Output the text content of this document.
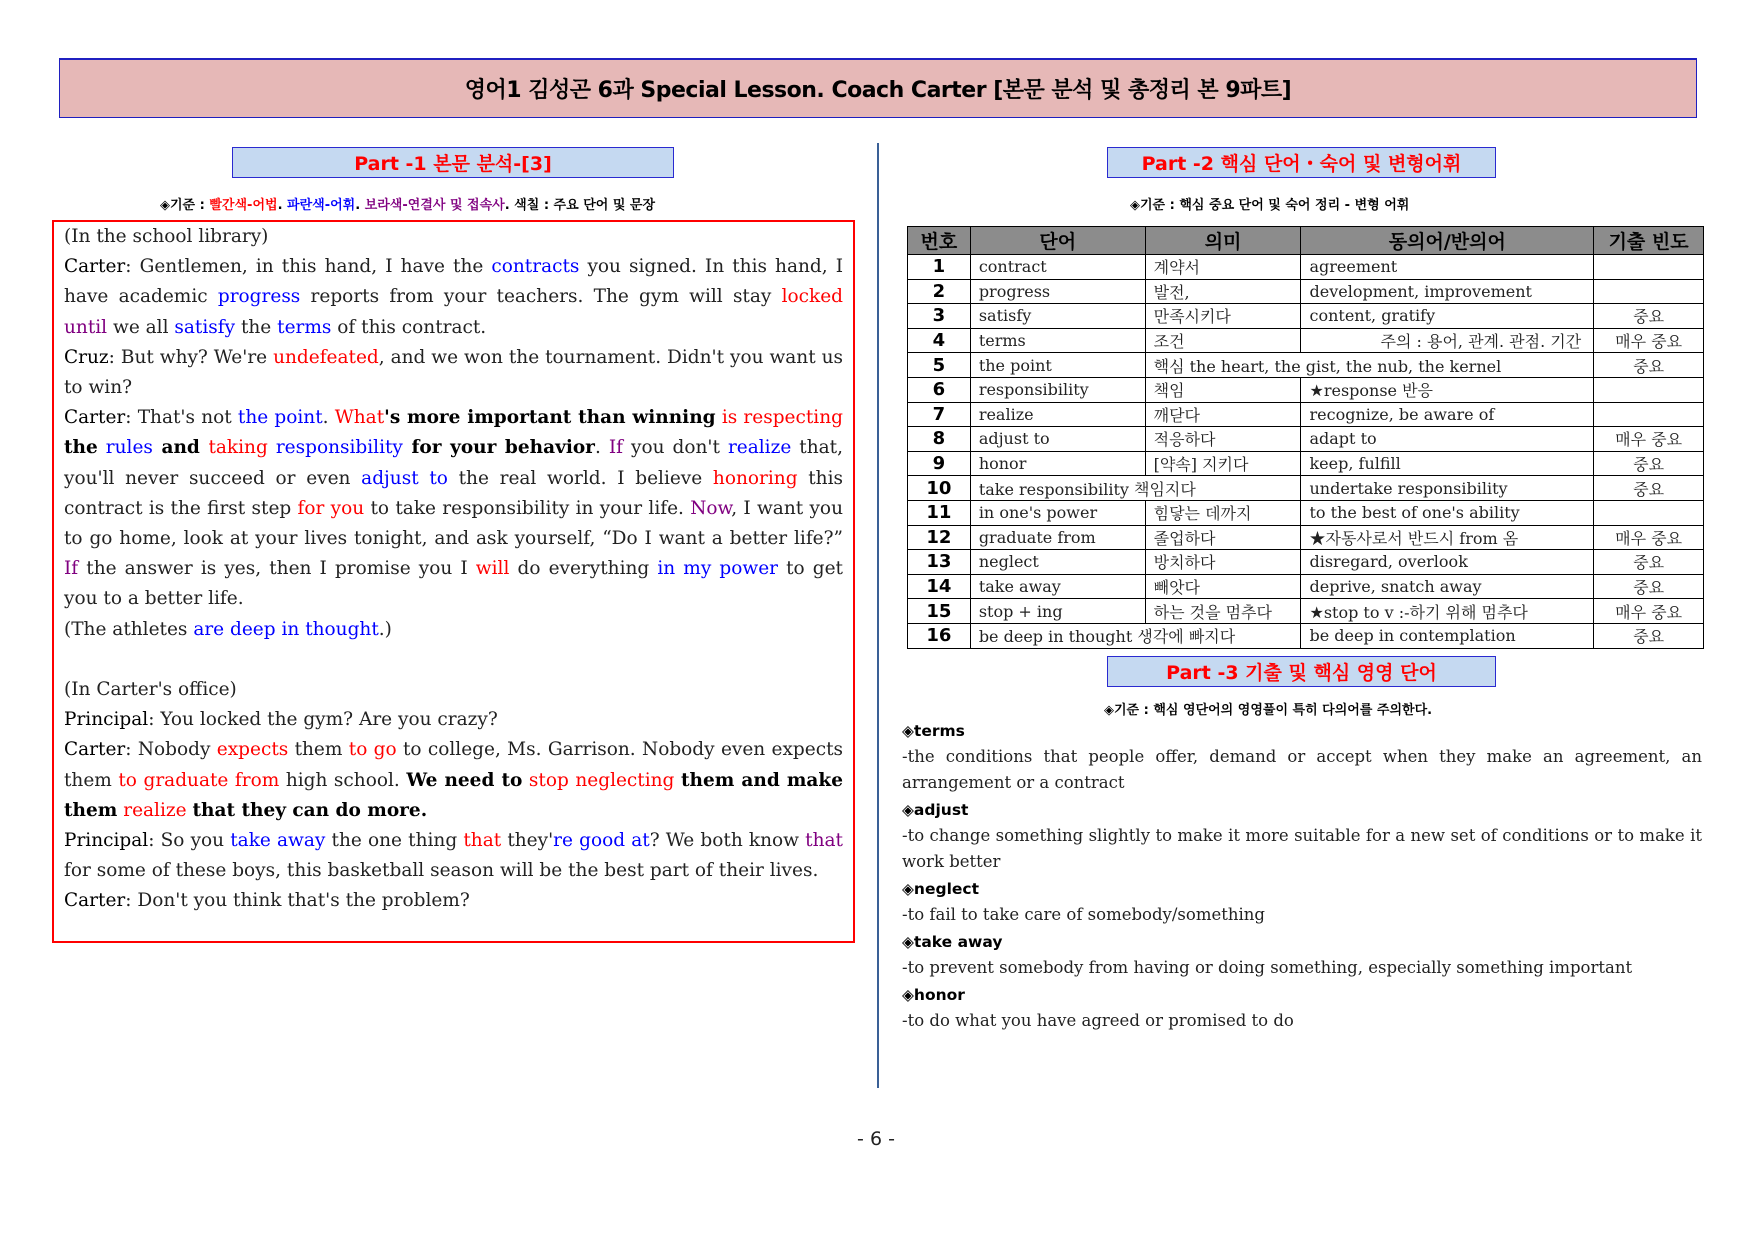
영어1 김성곤 6과 Special Lesson. Coach Carter [본문 분석 및 총정리 본 9파트]
Part -1 본문 분석-[3]
◈기준 : 빨간색-어법. 파란색-어휘. 보라색-연결사 및 접속사. 색칠 : 주요 단어 및 문장

(In the school library)

Carter: Gentlemen, in this hand, I have the contracts you signed. In this hand, I have academic progress reports from your teachers. The gym will stay locked until we all satisfy the terms of this contract.

Cruz: But why? We're undefeated, and we won the tournament. Didn't you want us to win?

Carter: That's not the point. What's more important than winning is respecting the rules and taking responsibility for your behavior. If you don't realize that, you'll never succeed or even adjust to the real world. I believe honoring this contract is the first step for you to take responsibility in your life. Now, I want you to go home, look at your lives tonight, and ask yourself, “Do I want a better life?” If the answer is yes, then I promise you I will do everything in my power to get you to a better life.

(The athletes are deep in thought.)

(In Carter's office)

Principal: You locked the gym? Are you crazy?

Carter: Nobody expects them to go to college, Ms. Garrison. Nobody even expects them to graduate from high school. We need to stop neglecting them and make them realize that they can do more.

Principal: So you take away the one thing that they're good at? We both know that for some of these boys, this basketball season will be the best part of their lives.

Carter: Don't you think that's the problem?

Part -2 핵심 단어・숙어 및 변형어휘
◈기준 : 핵심 중요 단어 및 숙어 정리 - 변형 어휘
번호	단어	의미	동의어/반의어	기출 빈도
1	contract	계약서	agreement	
2	progress	발전,	development, improvement	
3	satisfy	만족시키다	content, gratify	중요
4	terms	조건	주의 : 용어, 관계. 관점. 기간	매우 중요
5	the point	핵심 the heart, the gist, the nub, the kernel		중요
6	responsibility	책임	★response 반응	
7	realize	깨닫다	recognize, be aware of	
8	adjust to	적응하다	adapt to	매우 중요
9	honor	[약속] 지키다	keep, fulfill	중요
10	take responsibility 책임지다		undertake responsibility	중요
11	in one's power	힘닿는 데까지	to the best of one's ability	
12	graduate from	졸업하다	★자동사로서 반드시 from 옴	매우 중요
13	neglect	방치하다	disregard, overlook	중요
14	take away	빼앗다	deprive, snatch away	중요
15	stop + ing	하는 것을 멈추다	★stop to v :-하기 위해 멈추다	매우 중요
16	be deep in thought 생각에 빠지다		be deep in contemplation	중요
Part -3 기출 및 핵심 영영 단어
◈기준 : 핵심 영단어의 영영풀이 특히 다의어를 주의한다.
◈terms
-the conditions that people offer, demand or accept when they make an agreement, an arrangement or a contract
◈adjust
-to change something slightly to make it more suitable for a new set of conditions or to make it work better
◈neglect
-to fail to take care of somebody/something
◈take away
-to prevent somebody from having or doing something, especially something important
◈honor
-to do what you have agreed or promised to do
- 6 -
